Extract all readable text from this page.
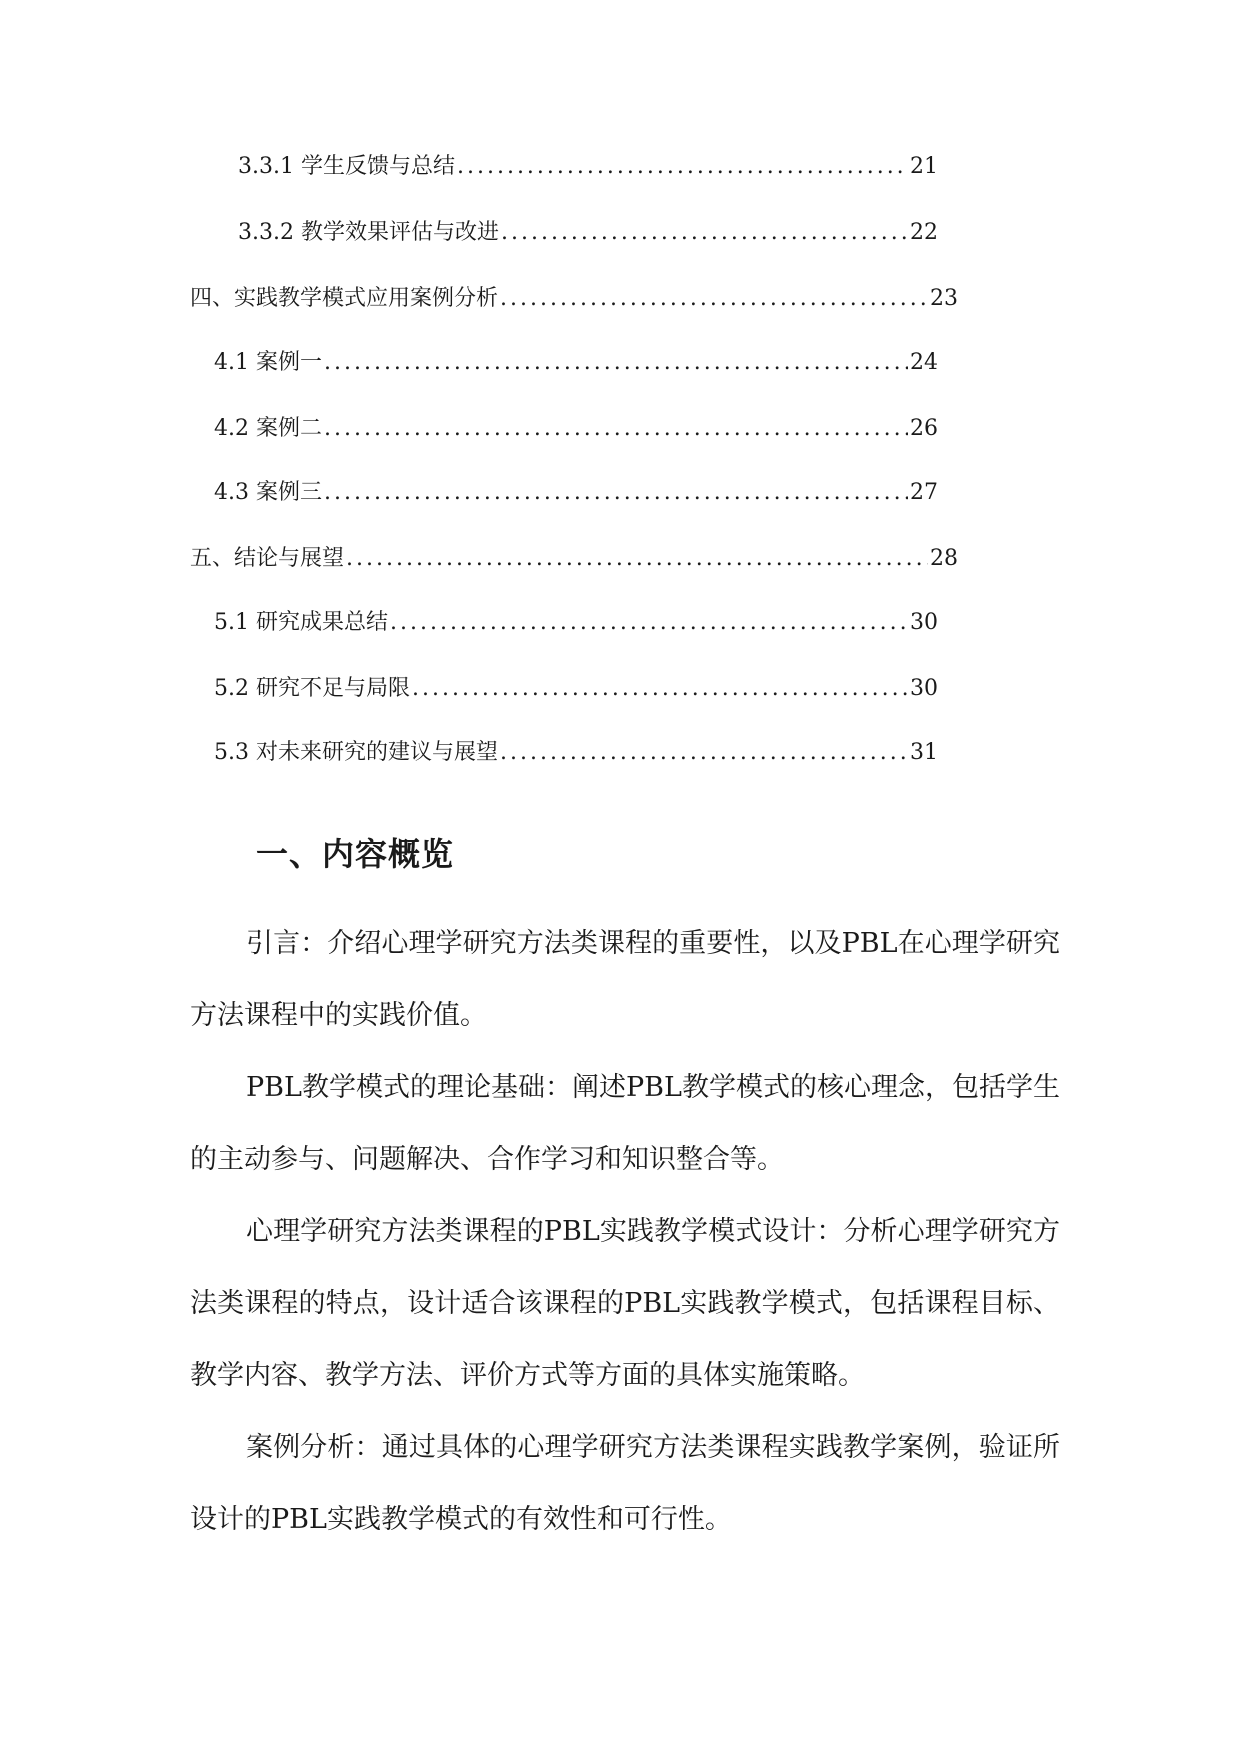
3.3.1 学生反馈与总结 .....	21
3.3.2 教学效果评估与改进 .....	22
四、实践教学模式应用案例分析 .....	23
4.1 案例一 .....	24
4.2 案例二 .....	26
4.3 案例三 .....	27
五、结论与展望 .....	28
5.1 研究成果总结 .....	30
5.2 研究不足与局限 .....	30
5.3 对未来研究的建议与展望 .....	31
一、内容概览

引言：介绍心理学研究方法类课程的重要性，以及PBL在心理学研究方法课程中的实践价值。

PBL教学模式的理论基础：阐述PBL教学模式的核心理念，包括学生的主动参与、问题解决、合作学习和知识整合等。

心理学研究方法类课程的PBL实践教学模式设计：分析心理学研究方法类课程的特点，设计适合该课程的PBL实践教学模式，包括课程目标、教学内容、教学方法、评价方式等方面的具体实施策略。

案例分析：通过具体的心理学研究方法类课程实践教学案例，验证所设计的PBL实践教学模式的有效性和可行性。
